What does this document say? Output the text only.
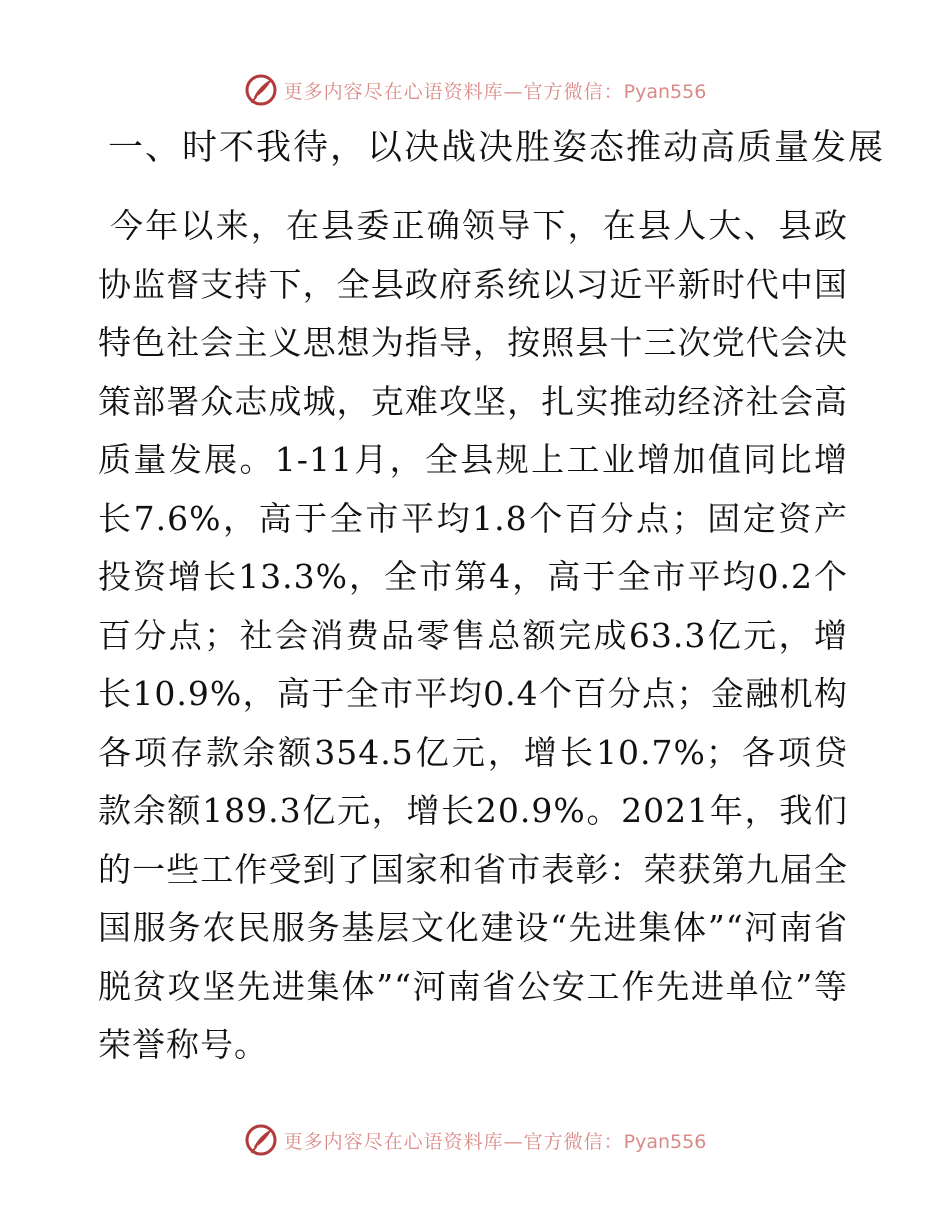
更多内容尽在心语资料库—官方微信：Pyan556
一、时不我待，以决战决胜姿态推动高质量发展
今年以来，在县委正确领导下，在县人大、县政协监督支持下，全县政府系统以习近平新时代中国特色社会主义思想为指导，按照县十三次党代会决策部署众志成城，克难攻坚，扎实推动经济社会高质量发展。1-11月，全县规上工业增加值同比增长7.6%，高于全市平均1.8个百分点；固定资产投资增长13.3%，全市第4，高于全市平均0.2个百分点；社会消费品零售总额完成63.3亿元，增长10.9%，高于全市平均0.4个百分点；金融机构各项存款余额354.5亿元，增长10.7%；各项贷款余额189.3亿元，增长20.9%。2021年，我们的一些工作受到了国家和省市表彰：荣获第九届全国服务农民服务基层文化建设“先进集体”“河南省脱贫攻坚先进集体”“河南省公安工作先进单位”等荣誉称号。
更多内容尽在心语资料库—官方微信：Pyan556
